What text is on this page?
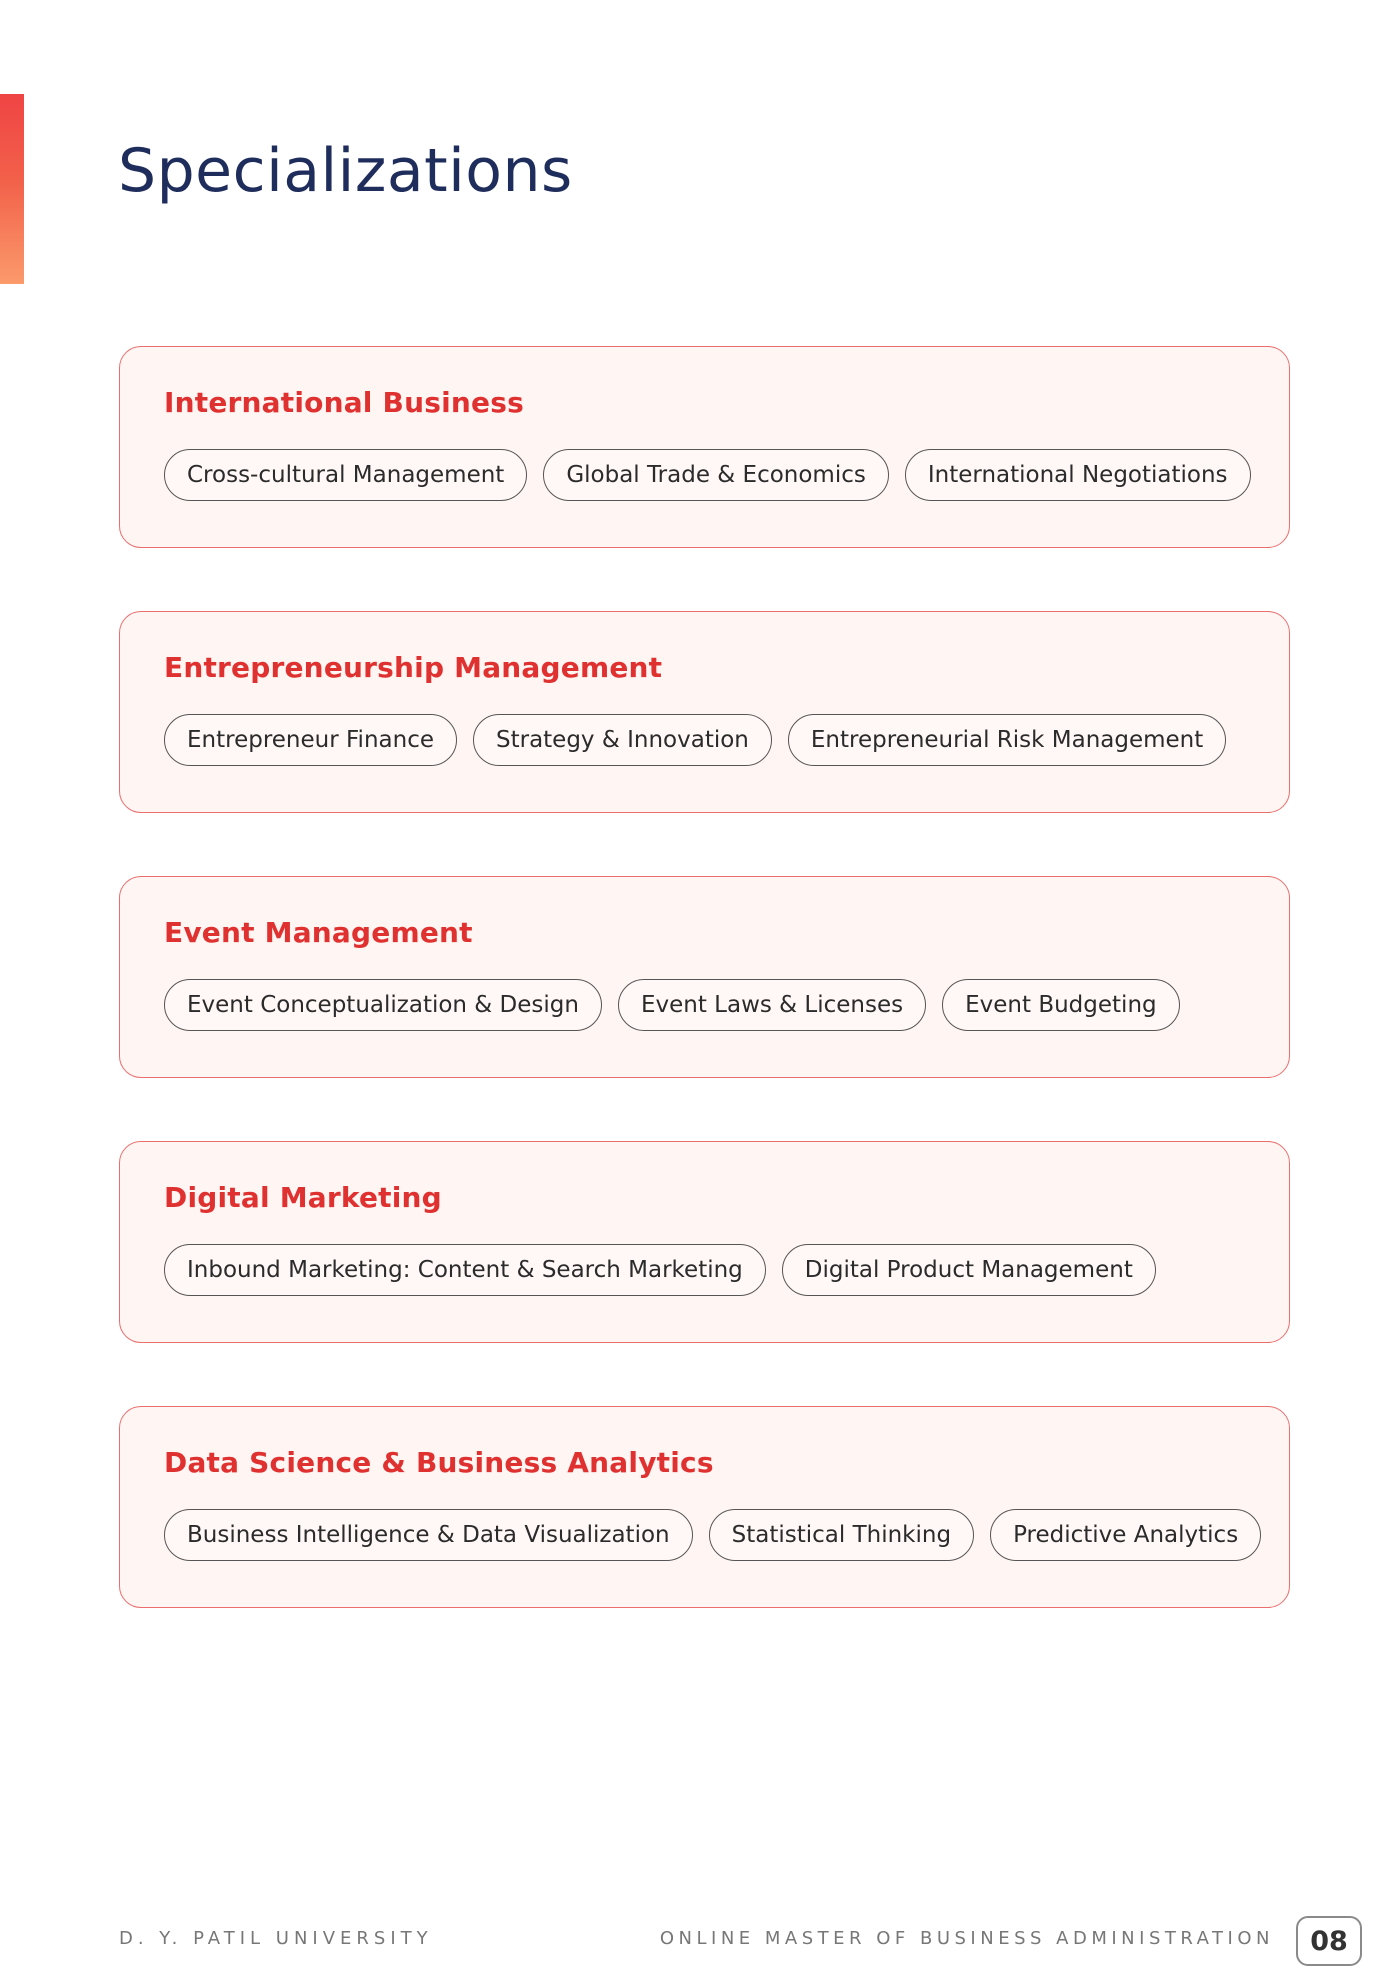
Specializations
International Business
Cross-cultural Management	Global Trade & Economics	International Negotiations
Entrepreneurship Management
Entrepreneur Finance	Strategy & Innovation	Entrepreneurial Risk Management
Event Management
Event Conceptualization & Design	Event Laws & Licenses	Event Budgeting
Digital Marketing
Inbound Marketing: Content & Search Marketing	Digital Product Management
Data Science & Business Analytics
Business Intelligence & Data Visualization	Statistical Thinking	Predictive Analytics
D. Y. PATIL UNIVERSITY	ONLINE MASTER OF BUSINESS ADMINISTRATION	08
